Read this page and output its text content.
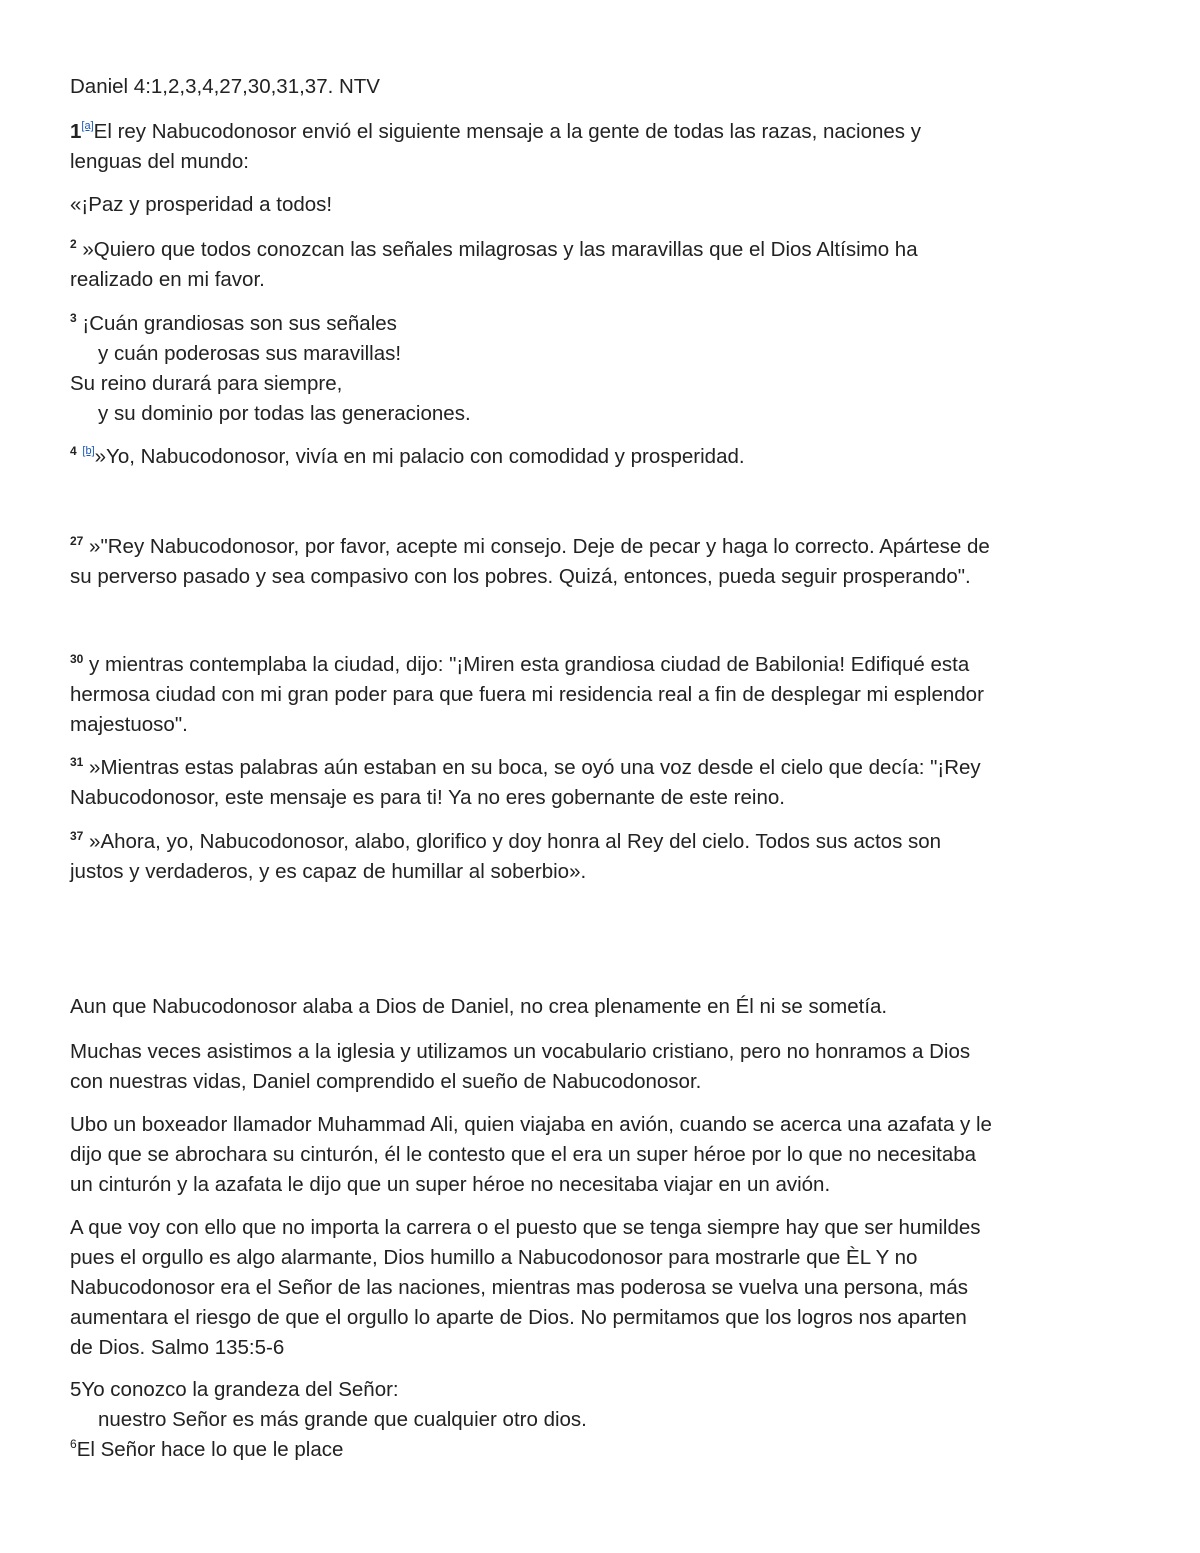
Daniel 4:1,2,3,4,27,30,31,37. NTV

1[a]El rey Nabucodonosor envió el siguiente mensaje a la gente de todas las razas, naciones y
lenguas del mundo:

«¡Paz y prosperidad a todos!

$^2$ »Quiero que todos conozcan las señales milagrosas y las maravillas que el Dios Altísimo ha
realizado en mi favor.
$^3$ ¡Cuán grandiosas son sus señales
y cuán poderosas sus maravillas!
Su reino durará para siempre,
y su dominio por todas las generaciones.
$^4$ [b]»Yo, Nabucodonosor, vivía en mi palacio con comodidad y prosperidad.
$^{27}$ »"Rey Nabucodonosor, por favor, acepte mi consejo. Deje de pecar y haga lo correcto. Apártese de
su perverso pasado y sea compasivo con los pobres. Quizá, entonces, pueda seguir prosperando".
$^{30}$ y mientras contemplaba la ciudad, dijo: "¡Miren esta grandiosa ciudad de Babilonia! Edifiqué esta
hermosa ciudad con mi gran poder para que fuera mi residencia real a fin de desplegar mi esplendor
majestuoso".
$^{31}$ »Mientras estas palabras aún estaban en su boca, se oyó una voz desde el cielo que decía: "¡Rey
Nabucodonosor, este mensaje es para ti! Ya no eres gobernante de este reino.
$^{37}$ »Ahora, yo, Nabucodonosor, alabo, glorifico y doy honra al Rey del cielo. Todos sus actos son
justos y verdaderos, y es capaz de humillar al soberbio».
Aun que Nabucodonosor alaba a Dios de Daniel, no crea plenamente en Él ni se sometía.
Muchas veces asistimos a la iglesia y utilizamos un vocabulario cristiano, pero no honramos a Dios
con nuestras vidas, Daniel comprendido el sueño de Nabucodonosor.
Ubo un boxeador llamador Muhammad Ali, quien viajaba en avión, cuando se acerca una azafata y le
dijo que se abrochara su cinturón, él le contesto que el era un super héroe por lo que no necesitaba
un cinturón y la azafata le dijo que un super héroe no necesitaba viajar en un avión.
A que voy con ello que no importa la carrera o el puesto que se tenga siempre hay que ser humildes
pues el orgullo es algo alarmante, Dios humillo a Nabucodonosor para mostrarle que ÈL Y no
Nabucodonosor era el Señor de las naciones, mientras mas poderosa se vuelva una persona, más
aumentara el riesgo de que el orgullo lo aparte de Dios. No permitamos que los logros nos aparten
de Dios. Salmo 135:5-6
5Yo conozco la grandeza del Señor:
nuestro Señor es más grande que cualquier otro dios.
$^6$El Señor hace lo que le place
